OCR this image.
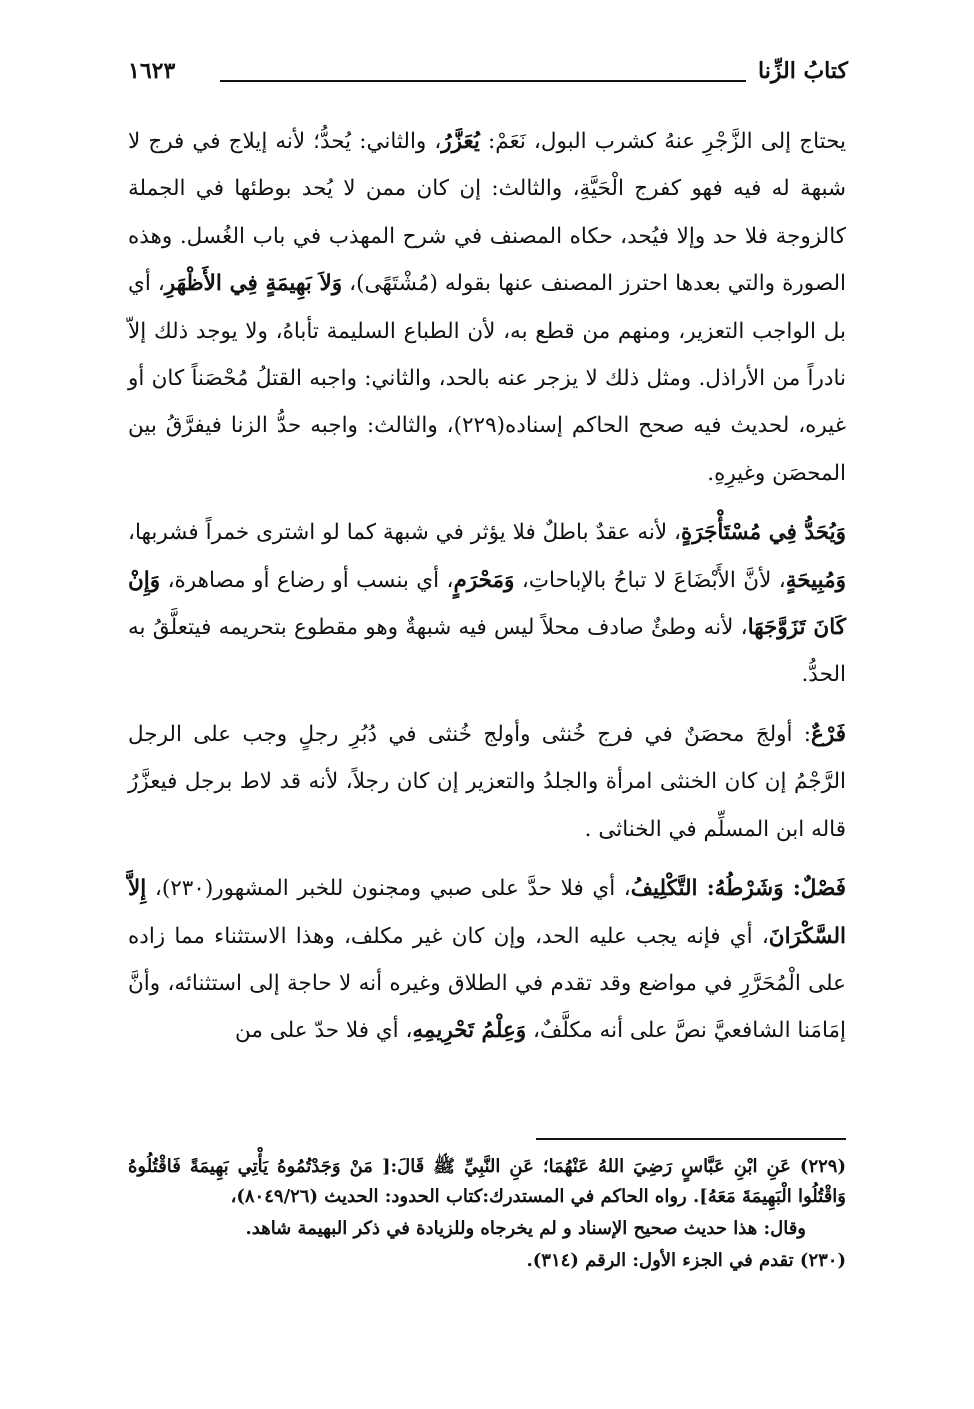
كتابُ الزِّنا
١٦٢٣

يحتاج إلى الزَّجْرِ عنهُ كشرب البول، نَعَمْ: يُعَزَّرُ، والثاني: يُحدُّ؛ لأنه إيلاج في فرج لا شبهة له فيه فهو كفرج الْحَيَّةِ، والثالث: إن كان ممن لا يُحد بوطئها في الجملة كالزوجة فلا حد وإلا فيُحد، حكاه المصنف في شرح المهذب في باب الغُسل. وهذه الصورة والتي بعدها احترز المصنف عنها بقوله (مُشْتَهًى)، وَلاَ بَهِيمَةٍ فِي الأَظْهَرِ، أي بل الواجب التعزير، ومنهم من قطع به، لأن الطباع السليمة تأباهُ، ولا يوجد ذلك إلاّ نادراً من الأراذل. ومثل ذلك لا يزجر عنه بالحد، والثاني: واجبه القتلُ مُحْصَناً كان أو غيره، لحديث فيه صحح الحاكم إسناده(٢٢٩)، والثالث: واجبه حدُّ الزنا فيفرَّقُ بين المحصَن وغيرِهِ.

وَيُحَدُّ فِي مُسْتَأْجَرَةٍ، لأنه عقدٌ باطلٌ فلا يؤثر في شبهة كما لو اشترى خمراً فشربها، وَمُبِيحَةٍ، لأنَّ الأَبْضَاعَ لا تباحُ بالإباحاتِ، وَمَحْرَمٍ، أي بنسب أو رضاع أو مصاهرة، وَإِنْ كَانَ تَزَوَّجَهَا، لأنه وطئٌ صادف محلاً ليس فيه شبهةٌ وهو مقطوع بتحريمه فيتعلَّقُ به الحدُّ.

فَرْعٌ: أولجَ محصَنٌ في فرج خُنثى وأولج خُنثى في دُبُرِ رجلٍ وجب على الرجل الرَّجْمُ إن كان الخنثى امرأة والجلدُ والتعزير إن كان رجلاً، لأنه قد لاط برجل فيعزَّرُ قاله ابن المسلِّم في الخناثى .

فَصْلٌ: وَشَرْطُهُ: التَّكْلِيفُ، أي فلا حدَّ على صبي ومجنون للخبر المشهور(٢٣٠)، إِلاَّ السَّكْرَانَ، أي فإنه يجب عليه الحد، وإن كان غير مكلف، وهذا الاستثناء مما زاده على الْمُحَرَّرِ في مواضع وقد تقدم في الطلاق وغيره أنه لا حاجة إلى استثنائه، وأنَّ إمَامَنا الشافعيَّ نصَّ على أنه مكلَّفٌ، وَعِلْمُ تَحْرِيمِهِ، أي فلا حدّ على من

(٢٢٩) عَنِ ابْنِ عَبَّاسٍ رَضِيَ اللهُ عَنْهُمَا؛ عَنِ النَّبِيِّ ﷺ قَالَ:[ مَنْ وَجَدْتُمُوهُ يَأْتِي بَهِيمَةً فَاقْتُلُوهُ وَاقْتُلُوا الْبَهِيمَةَ مَعَهُ]. رواه الحاكم في المستدرك:كتاب الحدود: الحديث (٨٠٤٩/٢٦)،

وقال: هذا حديث صحيح الإسناد و لم يخرجاه وللزيادة في ذكر البهيمة شاهد.

(٢٣٠) تقدم في الجزء الأول: الرقم (٣١٤).
